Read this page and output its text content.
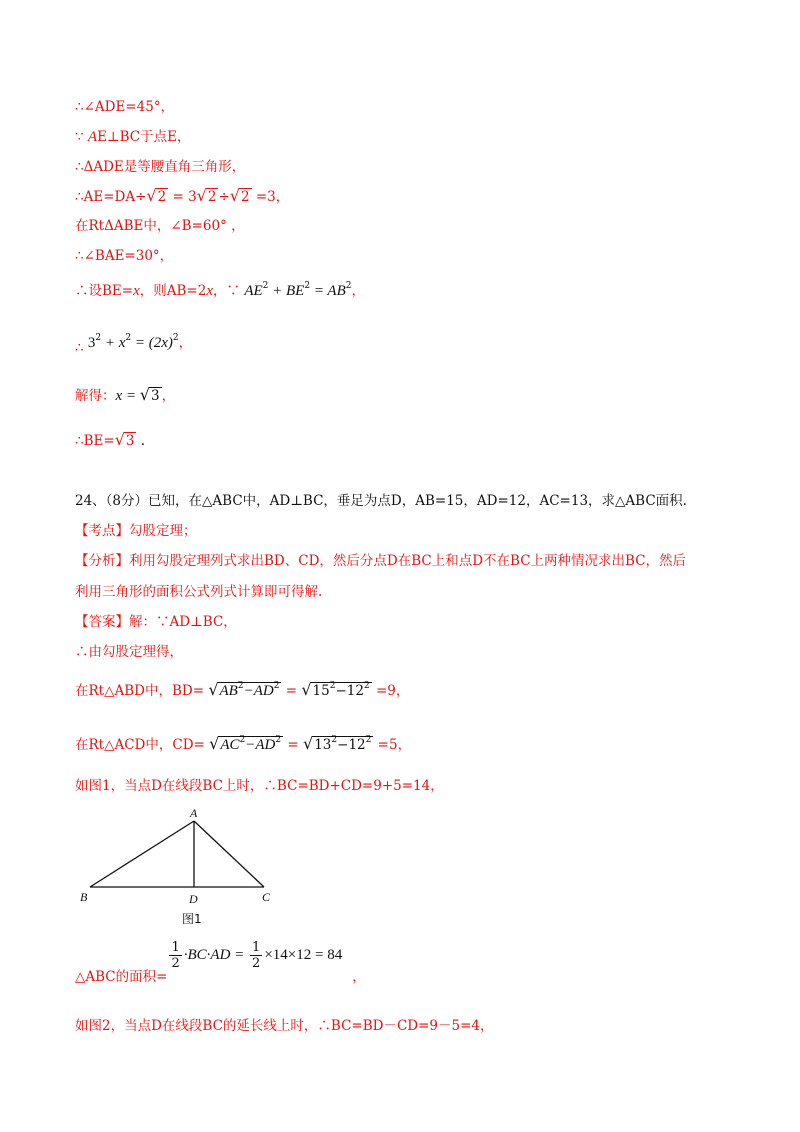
∴∠ADE=45°，
∵ AE⊥BC于点E，
∴ΔADE是等腰直角三角形，
∴AE=DA÷√2 = 3√2 ÷√2 =3，
在RtΔABE中，∠B=60° ，
∴∠BAE=30°，
∴设BE=x，则AB=2x，∵ $AE^2 + BE^2 = AB^2$，
∴ $3^2 + x^2 = (2x)^2$，
解得：x = √3 ，
∴BE=√3 .
24、（8分）已知，在△ABC中，AD⊥BC，垂足为点D，AB=15，AD=12，AC=13，求△ABC面积.
【考点】勾股定理；
【分析】利用勾股定理列式求出BD、CD，然后分点D在BC上和点D不在BC上两种情况求出BC，然后
利用三角形的面积公式列式计算即可得解.
【答案】解：∵AD⊥BC，
∴由勾股定理得，
在Rt△ABD中，$BD= √AB^2-AD^2 = √15^2-12^2 =9$，
在Rt△ACD中，$CD= √AC^2-AD^2 = √13^2-12^2 =5$，
如图1，当点D在线段BC上时，∴BC=BD+CD=9+5=14，
A
B	C
D
图1
△ABC的面积=
$\frac{1}{2} \cdot BC\cdot AD = \frac{1}{2} \times 14\times 12 = 84$，
如图2，当点D在线段BC的延长线上时，∴BC=BD－CD=9－5=4，
